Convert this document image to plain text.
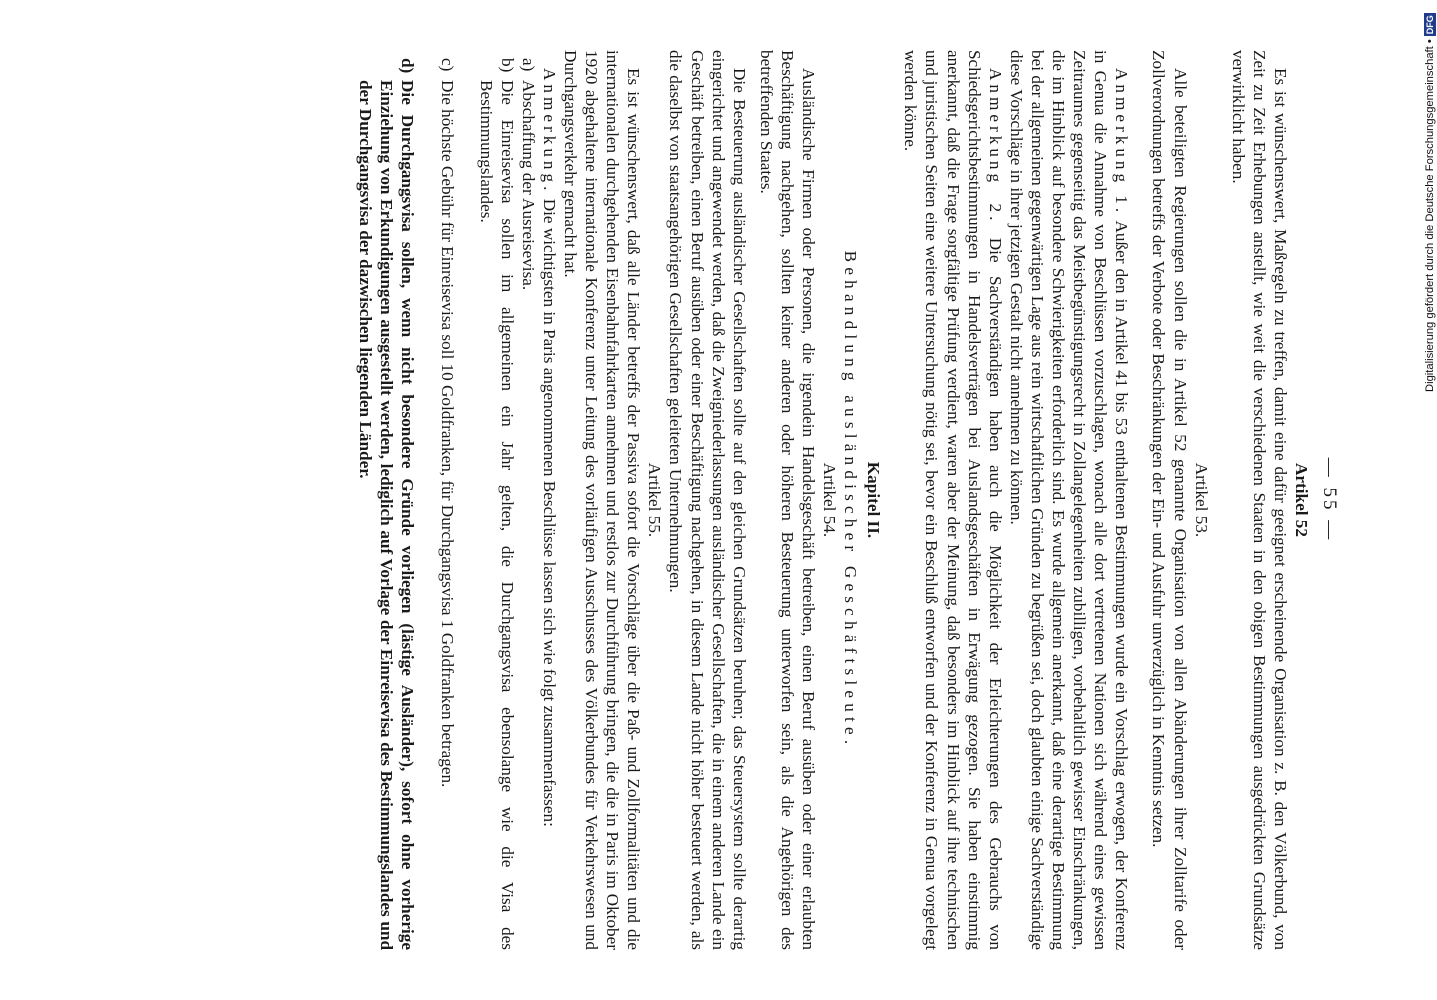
— 55 —
Artikel 52

Es ist wünschenswert, Maßregeln zu treffen, damit eine dafür geeignet erscheinende Organisation z. B. den Völkerbund, von Zeit zu Zeit Erhebungen anstellt, wie weit die verschiedenen Staaten in den obigen Bestimmungen ausgedrückten Grundsätze verwirklicht haben.

Artikel 53.

Alle beteiligten Regierungen sollen die in Artikel 52 genannte Organisation von allen Abänderungen ihrer Zolltarife oder Zollverordnungen betreffs der Verbote oder Beschränkungen der Ein- und Ausfuhr unverzüglich in Kenntnis setzen.

Anmerkung 1. Außer den in Artikel 41 bis 53 enthaltenen Bestimmungen wurde ein Vorschlag erwogen, der Konferenz in Genua die Annahme von Beschlüssen vorzuschlagen, wonach alle dort vertretenen Nationen sich während eines gewissen Zeitraumes gegenseitig das Meistbegünstigungsrecht in Zollangelegenheiten zubilligen, vorbehaltlich gewisser Einschränkungen, die im Hinblick auf besondere Schwierigkeiten erforderlich sind. Es wurde allgemein anerkannt, daß eine derartige Bestimmung bei der allgemeinen gegenwärtigen Lage aus rein wirtschaftlichen Gründen zu begrüßen sei, doch glaubten einige Sachverständige diese Vorschläge in ihrer jetzigen Gestalt nicht annehmen zu können.

Anmerkung 2. Die Sachverständigen haben auch die Möglichkeit der Erleichterungen des Gebrauchs von Schiedsgerichtsbestimmungen in Handelsverträgen bei Auslandsgeschäften in Erwägung gezogen. Sie haben einstimmig anerkannt, daß die Frage sorgfältige Prüfung verdient, waren aber der Meinung, daß besonders im Hinblick auf ihre technischen und juristischen Seiten eine weitere Untersuchung nötig sei, bevor ein Beschluß entworfen und der Konferenz in Genua vorgelegt werden könne.

Kapitel II.
Behandlung ausländischer Geschäftsleute.
Artikel 54.

Ausländische Firmen oder Personen, die irgendein Handelsgeschäft betreiben, einen Beruf ausüben oder einer erlaubten Beschäftigung nachgehen, sollten keiner anderen oder höheren Besteuerung unterworfen sein, als die Angehörigen des betreffenden Staates.

Die Besteuerung ausländischer Gesellschaften sollte auf den gleichen Grundsätzen beruhen; das Steuersystem sollte derartig eingerichtet und angewendet werden, daß die Zweigniederlassungen ausländischer Gesellschaften, die in einem anderen Lande ein Geschäft betreiben, einen Beruf ausüben oder einer Beschäftigung nachgehen, in diesem Lande nicht höher besteuert werden, als die daselbst von staatsangehörigen Gesellschaften geleiteten Unternehmungen.

Artikel 55.

Es ist wünschenswert, daß alle Länder betreffs der Passiva sofort die Vorschläge über die Paß- und Zollformalitäten und die internationalen durchgehenden Eisenbahnfahrkarten annehmen und restlos zur Durchführung bringen, die die in Paris im Oktober 1920 abgehaltene internationale Konferenz unter Leitung des vorläufigen Ausschusses des Völkerbundes für Verkehrswesen und Durchgangsverkehr gemacht hat.

Anmerkung. Die wichtigsten in Paris angenommenen Beschlüsse lassen sich wie folgt zusammenfassen:

a)
Abschaffung der Ausreisevisa.
b)
Die Einreisevisa sollen im allgemeinen ein Jahr gelten, die Durchgangsvisa ebensolange wie die Visa des Bestimmungslandes.
c)
Die höchste Gebühr für Einreisevisa soll 10 Goldfranken, für Durchgangsvisa 1 Goldfranken betragen.
d)
Die Durchgangsvisa sollen, wenn nicht besondere Gründe vorliegen (lästige Ausländer), sofort ohne vorherige Einziehung von Erkundigungen ausgestellt werden, lediglich auf Vorlage der Einreisevisa des Bestimmungslandes und der Durchgangsvisa der dazwischen liegenden Länder.	Digitalisierung gefördert durch die Deutsche Forschungsgemeinschaft •
DFG
